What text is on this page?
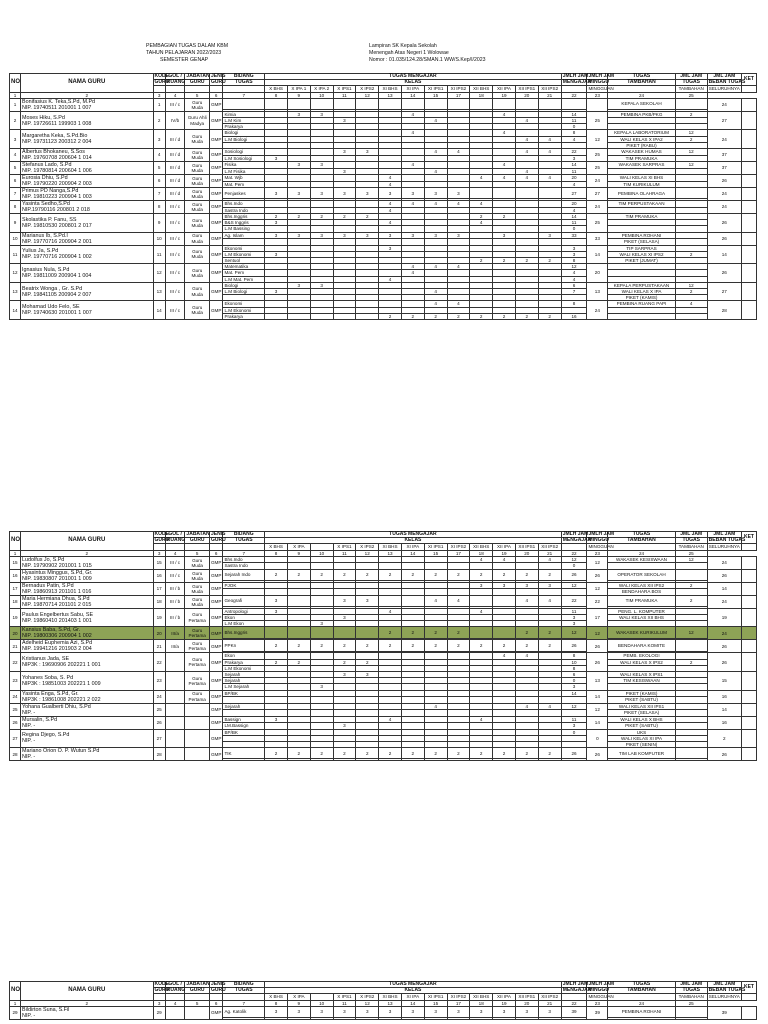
PEMBAGIAN TUGAS DALAM KBM
TAHUN PELAJARAN 2022/2023
SEMESTER GENAP
Lampiran SK Kepala Sekolah
Menengah Atas Negeri 1 Wolowae
Nomor : 01.035/124.28/SMAN.1 WW/S.Kep/I/2023
NO	NAMA GURU	KODE	GOL /	JABATAN	JENIS	BIDANG	TUGAS MENGAJAR													JMLH JAM	JMLH JAM	TUGAS	JML JAM	JML JAM	KET
		GURU	RUANG	GURU	GURU	TUGAS	KELAS													MENGAJAR	MINGGU	TAMBAHAN	TUGAS	BEBAN TUGAS	
							X BHS	X IPA 1	X IPA 2	X IPS1	X IPS2	XI BHS	XI IPA	XI IPS1	XI IPS2	XII BHS	XII IPA	XII IPS1	XII IPS2		MINGGUAN		TAMBAHAN	SELURUHNYA	
1	2	3	4	5	6	7	8	9	10	11	12	13	14	15	17	18	19	20	21	22	23	24	25		
1	Bonifasius K. Teka,S.Pd, M.Pd
NIP. 19740511 201001 1 007	1	III / c	Guru Muda	GMP																	KEPALA SEKOLAH		24	

2	Moses Hiku, S.Pd
NIP. 19726611 199903 1 008	2	IV/b	Guru Ahli Madya	GMP	Kimia		3	3				4				4			14	25	PEMBINA PKB/PKG	2	27	
						L.M Kim				3				4				4		11					
						Prakarya														0					
3	Margaretha Keka, S.Pd.Bio
NIP. 19731123 200312 2 004	3	III / d	Guru Muda	GMP	Biologi							4				4			8	12	KEPALA LABORATORIUM	12	24	
						L.M Biologi												4	4	4		WALI KELAS X IPA2	2		
																						PIKET (RABU)			
4	Albertus Bhokaneu, S.Sos
NIP. 19760708 200604 1 014	4	III / d	Guru Muda	GMP	Sosiologi				3	3			4	4			4	4	22	25	WAKASEK HUMAS	12	37	
						L.M Sosiologi	3													3		TIM PRAMUKA			
5	Stefanus Lado, S.Pd
NIP. 19780814 200604 1 006	5	III / d	Guru Muda	GMP	Fisika		3	3				4				4			14	25	WAKASEK SARPRAS	12	37	
						L.M Fisika				3				4				4		11					
6	Eurosia Dhiu, S.Pd
NIP. 19790220 200904 2 003	6	III / d	Guru Muda	GMP	Mat. Wjb						4				4	4	4	4	20	24	WALI KELAS XI BHS		26	
						Mat. Pem						4								4		TIM KURIKULUM			
7	Primus PD Nanga,S.Pd
NIP. 19810223 200904 1 003	7	III / d	Guru Muda	GMP	Penjaskes	3	3	3	3	3	3	3	3	3					27	27	PEMBINA OLAHRAGA		24	

8	Yasinta Sedho,S.Pd
NIP.19790116 200801 2 018	8	III / c	Guru Muda	GMP	Bhs.Indo						4	4	4	4	4				20	24	TIM PERPUSTAKAAN		24	
						Sastra Indo						4								4					
9	Skolastika P. Fanu, SS
NIP. 19810530 200801 2 017	9	III / c	Guru Muda	GMP	Bhs.Inggris	2	2	2	2	2					2	2			14	25	TIM PRAMUKA		26	
						B&S Inggris	3					4				4				11					
						L.M Bassing														0					
10	Marianus Ib, S.Pd.I
NIP. 19770716 200904 2 001	10	III / c	Guru Muda	GMP	Ag. Islam	3	3	3	3	3	3	3	3	3		3		3	33	33	PEMBINA ROHANI		26	
																						PIKET (SELASA)			
11	Yulius Ja, S.Pd
NIP. 19770716 200904 1 002	11	III / c	Guru Muda	GMP	Ekonomi						3								3	14	TIP SARPRAS		14	
						L.M Ekonomi	3													3		WALI KELAS XI IPS2	2		
						Sentuol										2	2	2	2	8		PIKET (JUMAT)			
12	Ignasius Nula, S.Pd
NIP. 19811009 200904 1 004	12	III / c	Guru Muda	GMP	Matematika							4	4	4					12	20			26	
						Mat. Pem							4							4					
						L.M Mat. Pem						4								4					
13	Beatrix Wonga , Gr. S.Pd
NIP. 19841105 200904 2 007	13	III / c	Guru Muda	GMP	Biologi		3	3											6	13	KEPALA PERPUSTAKAAN	12	27	
						L.M Biologi	3							4						7		WALI KELAS X IPA	2		
																						PIKET (KAMIS)			
14	Mohamad Udo Felo, SE
NIP. 19740630 201001 1 007	14	III / c	Guru Muda	GMP	Ekonomi								4	4					8	24	PEMBINA RUANG PAPI	4	28	
						L.M Ekonomi																			
						Prakarya						2	2	2	2	2	2	2	2	16					
NO	NAMA GURU	KODE	GOL /	JABATAN	JENIS	BIDANG	TUGAS MENGAJAR													JMLH JAM	JMLH JAM	TUGAS	JML JAM	JML JAM	KET
		GURU	RUANG	GURU	GURU	TUGAS	KELAS													MENGAJAR	MINGGU	TAMBAHAN	TUGAS	BEBAN TUGAS	
							X BHS	X IPA		X IPS1	X IPS2	XI BHS	XI IPA	XI IPS1	XI IPS2	XII BHS	XII IPA	XII IPS1	XII IPS2		MINGGUAN		TAMBAHAN	SELURUHNYA	
1	2	3	4	5	6	7	8	9	10	11	12	13	14	15	17	18	19	20	21	22	23	24	25		
15	Ludolfus Jo, S.Pd
NIP. 19790902 201001 1 015	15	III / c	Guru Muda	GMP	Bhs.Indo										4	4		4	12	12	WAKASEK KESISWAAN	12	24	
						Sastra Indo														0					
16	Hyasintus Minggus, S.Pd, Gr.
NIP. 19830807 201001 1 009	16	III / c	Guru Muda	GMP	Sejarah Indo	2	2	2	2	2	2	2	2	2	2	2	2	2	26	26	OPERATOR SEKOLAH		26	

17	Bernadus Patin, S.Pd
NIP. 19860913 201101 1 016	17	III / b	Guru Muda	GMP	PJOK										3	3	3	3	12	12	WALI KELAS XII IPS2	2	14	
																						BENDAHARA BOS			
18	Maria Hermiana Dhua, S.Pd
NIP. 19870714 201101 2 015	18	III / b	Guru Muda	GMP	Geografi	3			3	3			4	4			4	4	22	22	TIM PRAMUKA	2	24	

19	Paulus Engelbertus Sabu, SE
NIP. 19860410 201403 1 001	19	III / b	Guru Pertama	GMP	Antropologi	3					4				4				11	17	PENG. L. KOMPUTER		19	
						Ekon				3										3		WALI KELAS XII BHS			
						L.M Ekon			3											3					
20	Kansius Baba, S.Pd, Gr.
NIP. 19800306 200904 1 002	20	III/a	Guru Pertama	GMP	Bhs.Inggris						2	2	2	2			2	2	12	12	WAKASEK KURIKULUM	12	24	

21	Adelheid Euphemia Azi, S.Pd
NIP. 19941216 201903 2 004	21	III/a	Guru Pertama	GMP	PPKn	2	2	2	2	2	2	2	2	2	2	2	2	2	26	26	BENDAHARA KOMITE		26	

22	Kristianus Jada, SE
NIP3K : 19690906 202221 1 001	22		Guru Pertama	GMP	Ekon											4	4		8	26	PEMB. EKOLOGI		26	
						Prakarya	2	2		2	2									10		WALI KELAS X IPS2	2		
						L.M Ekonomi														8					
23	Yohanes Soba, S. Pd
NIP3K : 19851003 202221 1 009	23		Guru Pertama	GMP	Sejarah				3	3									6	13	WALI KELAS X IPS1		15	
						Sejarah														0		TIM KESISWAAN			
						L.M Sejarah			3											3					
24	Yasinta Enga, S.Pd, Gr.
NIP3K : 19861008 202221 2 022	24		Guru Pertama	GMP	BP/BK														14	14	PIKET (KAMIS)		16	
																						PIKET (SABTU)			
25	Yohana Gualberti Dhiu, S.Pd
NIP. -	25			GMP	Sejarah								4				4	4	12	12	WALI KELAS XII IPS1		14	
																						PIKET (SELASA)			
26	Mursalin, S.Pd
NIP. -	26			GMP	Bassign	3					4				4				11	14	WALI KELAS X BHS		16	
						LM.Bassign				3										3		PIKET (SABTU)			
27	Regina Djego, S.Pd
NIP. -	27			GMP	BP/BK														0	0	UKS		2	
																						WALI KELAS XI IPA			
																						PIKET (SENIN)			
28	Mariano Orion O. P. Wutun S.Pd
NIP. -	28			GMP	TIK	2	2	2	2	2	2	2	2	2	2	2	2	2	26	26	TIM LAB KOMPUTER		26	

NO	NAMA GURU	KODE	GOL /	JABATAN	JENIS	BIDANG	TUGAS MENGAJAR													JMLH JAM	JMLH JAM	TUGAS	JML JAM	JML JAM	KET
		GURU	RUANG	GURU	GURU	TUGAS	KELAS													MENGAJAR	MINGGU	TAMBAHAN	TUGAS	BEBAN TUGAS	
							X BHS	X IPA		X IPS1	X IPS2	XI BHS	XI IPA	XI IPS1	XI IPS2	XII BHS	XII IPA	XII IPS1	XII IPS2		MINGGUAN		TAMBAHAN	SELURUHNYA	
1	2	3	4	5	6	7	8	9	10	11	12	13	14	15	17	18	19	20	21	22	23	24	25		
29	Bildirton Suna, S.Fil
NIP. -	29			GMP	Ag. Katolik	3	3	3	3	3	3	3	3	3	3	3	3	3	39	39	PEMBINA ROHANI		39	
